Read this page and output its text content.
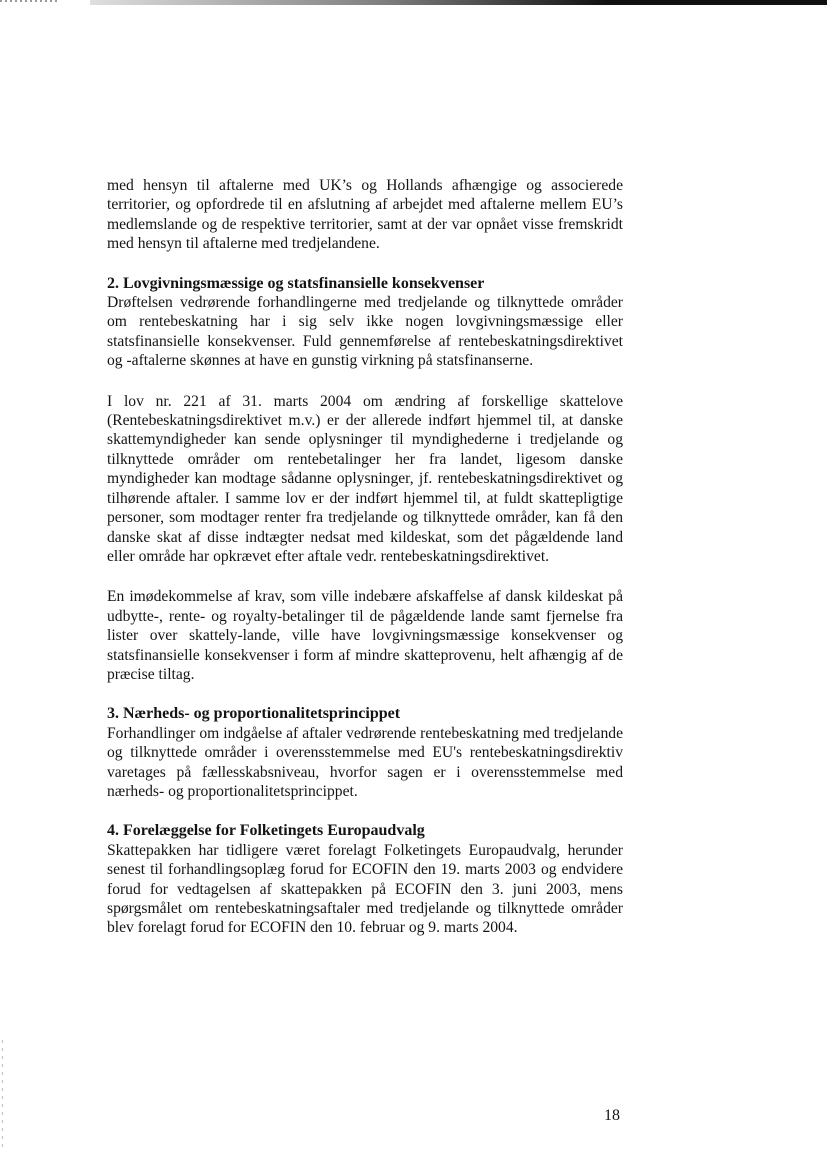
med hensyn til aftalerne med UK’s og Hollands afhængige og associerede territorier, og opfordrede til en afslutning af arbejdet med aftalerne mellem EU’s medlemslande og de respektive territorier, samt at der var opnået visse fremskridt med hensyn til aftalerne med tredjelandene.

2. Lovgivningsmæssige og statsfinansielle konsekvenser

Drøftelsen vedrørende forhandlingerne med tredjelande og tilknyttede områder om rentebeskatning har i sig selv ikke nogen lovgivningsmæssige eller statsfinansielle konsekvenser. Fuld gennemførelse af rentebeskatningsdirektivet og -aftalerne skønnes at have en gunstig virkning på statsfinanserne.

I lov nr. 221 af 31. marts 2004 om ændring af forskellige skattelove (Rentebeskatningsdirektivet m.v.) er der allerede indført hjemmel til, at danske skattemyndigheder kan sende oplysninger til myndighederne i tredjelande og tilknyttede områder om rentebetalinger her fra landet, ligesom danske myndigheder kan modtage sådanne oplysninger, jf. rentebeskatningsdirektivet og tilhørende aftaler. I samme lov er der indført hjemmel til, at fuldt skattepligtige personer, som modtager renter fra tredjelande og tilknyttede områder, kan få den danske skat af disse indtægter nedsat med kildeskat, som det pågældende land eller område har opkrævet efter aftale vedr. rentebeskatningsdirektivet.

En imødekommelse af krav, som ville indebære afskaffelse af dansk kildeskat på udbytte-, rente- og royalty-betalinger til de pågældende lande samt fjernelse fra lister over skattely-lande, ville have lovgivningsmæssige konsekvenser og statsfinansielle konsekvenser i form af mindre skatteprovenu, helt afhængig af de præcise tiltag.

3. Nærheds- og proportionalitetsprincippet

Forhandlinger om indgåelse af aftaler vedrørende rentebeskatning med tredjelande og tilknyttede områder i overensstemmelse med EU's rentebeskatningsdirektiv varetages på fællesskabsniveau, hvorfor sagen er i overensstemmelse med nærheds- og proportionalitetsprincippet.

4. Forelæggelse for Folketingets Europaudvalg

Skattepakken har tidligere været forelagt Folketingets Europaudvalg, herunder senest til forhandlingsoplæg forud for ECOFIN den 19. marts 2003 og endvidere forud for vedtagelsen af skattepakken på ECOFIN den 3. juni 2003, mens spørgsmålet om rentebeskatningsaftaler med tredjelande og tilknyttede områder blev forelagt forud for ECOFIN den 10. februar og 9. marts 2004.

18
